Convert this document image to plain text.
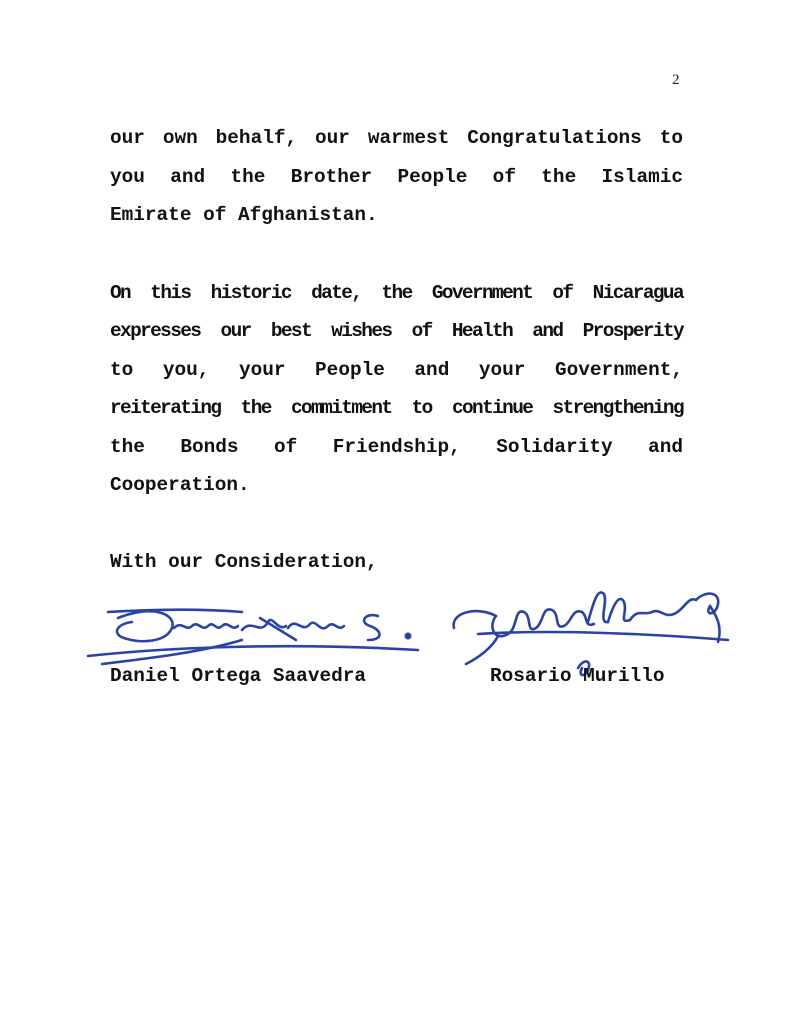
2
our own behalf, our warmest Congratulations to
you and the Brother People of the Islamic
Emirate of Afghanistan.
On this historic date, the Government of Nicaragua
expresses our best wishes of Health and Prosperity
to you, your People and your Government,
reiterating the commitment to continue strengthening
the Bonds of Friendship, Solidarity and
Cooperation.
With our Consideration,
Daniel Ortega Saavedra	Rosario Murillo
